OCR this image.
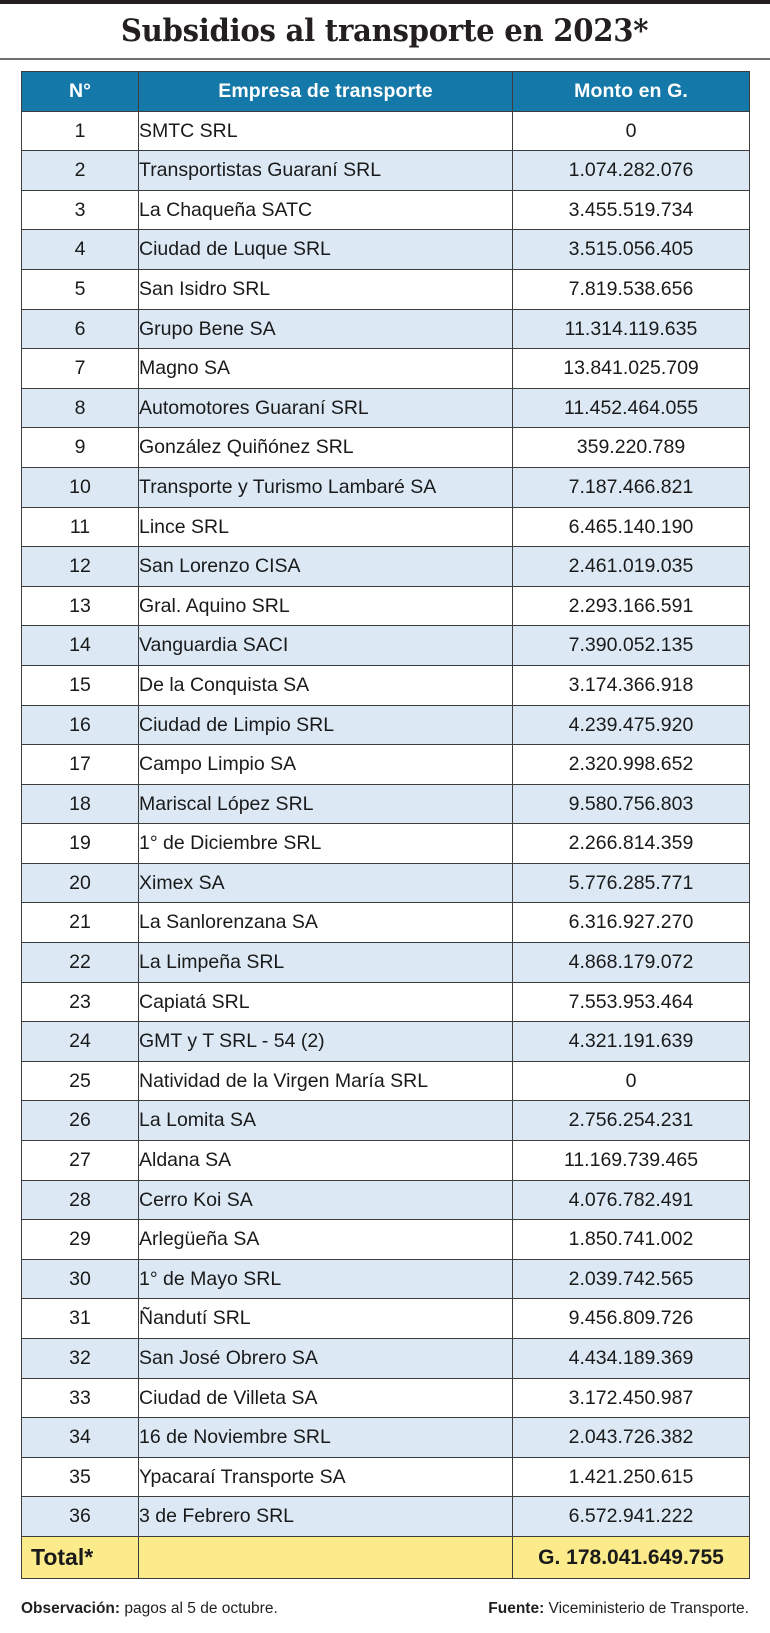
Subsidios al transporte en 2023*
N°	Empresa de transporte	Monto en G.
1	SMTC SRL	0
2	Transportistas Guaraní SRL	1.074.282.076
3	La Chaqueña SATC	3.455.519.734
4	Ciudad de Luque SRL	3.515.056.405
5	San Isidro SRL	7.819.538.656
6	Grupo Bene SA	11.314.119.635
7	Magno SA	13.841.025.709
8	Automotores Guaraní SRL	11.452.464.055
9	González Quiñónez SRL	359.220.789
10	Transporte y Turismo Lambaré SA	7.187.466.821
11	Lince SRL	6.465.140.190
12	San Lorenzo CISA	2.461.019.035
13	Gral. Aquino SRL	2.293.166.591
14	Vanguardia SACI	7.390.052.135
15	De la Conquista SA	3.174.366.918
16	Ciudad de Limpio SRL	4.239.475.920
17	Campo Limpio SA	2.320.998.652
18	Mariscal López SRL	9.580.756.803
19	1° de Diciembre SRL	2.266.814.359
20	Ximex SA	5.776.285.771
21	La Sanlorenzana SA	6.316.927.270
22	La Limpeña SRL	4.868.179.072
23	Capiatá SRL	7.553.953.464
24	GMT y T SRL - 54 (2)	4.321.191.639
25	Natividad de la Virgen María SRL	0
26	La Lomita SA	2.756.254.231
27	Aldana SA	11.169.739.465
28	Cerro Koi SA	4.076.782.491
29	Arlegüeña SA	1.850.741.002
30	1° de Mayo SRL	2.039.742.565
31	Ñandutí SRL	9.456.809.726
32	San José Obrero SA	4.434.189.369
33	Ciudad de Villeta SA	3.172.450.987
34	16 de Noviembre SRL	2.043.726.382
35	Ypacaraí Transporte SA	1.421.250.615
36	3 de Febrero SRL	6.572.941.222
Total*		G. 178.041.649.755
Observación: pagos al 5 de octubre.	Fuente: Viceministerio de Transporte.
